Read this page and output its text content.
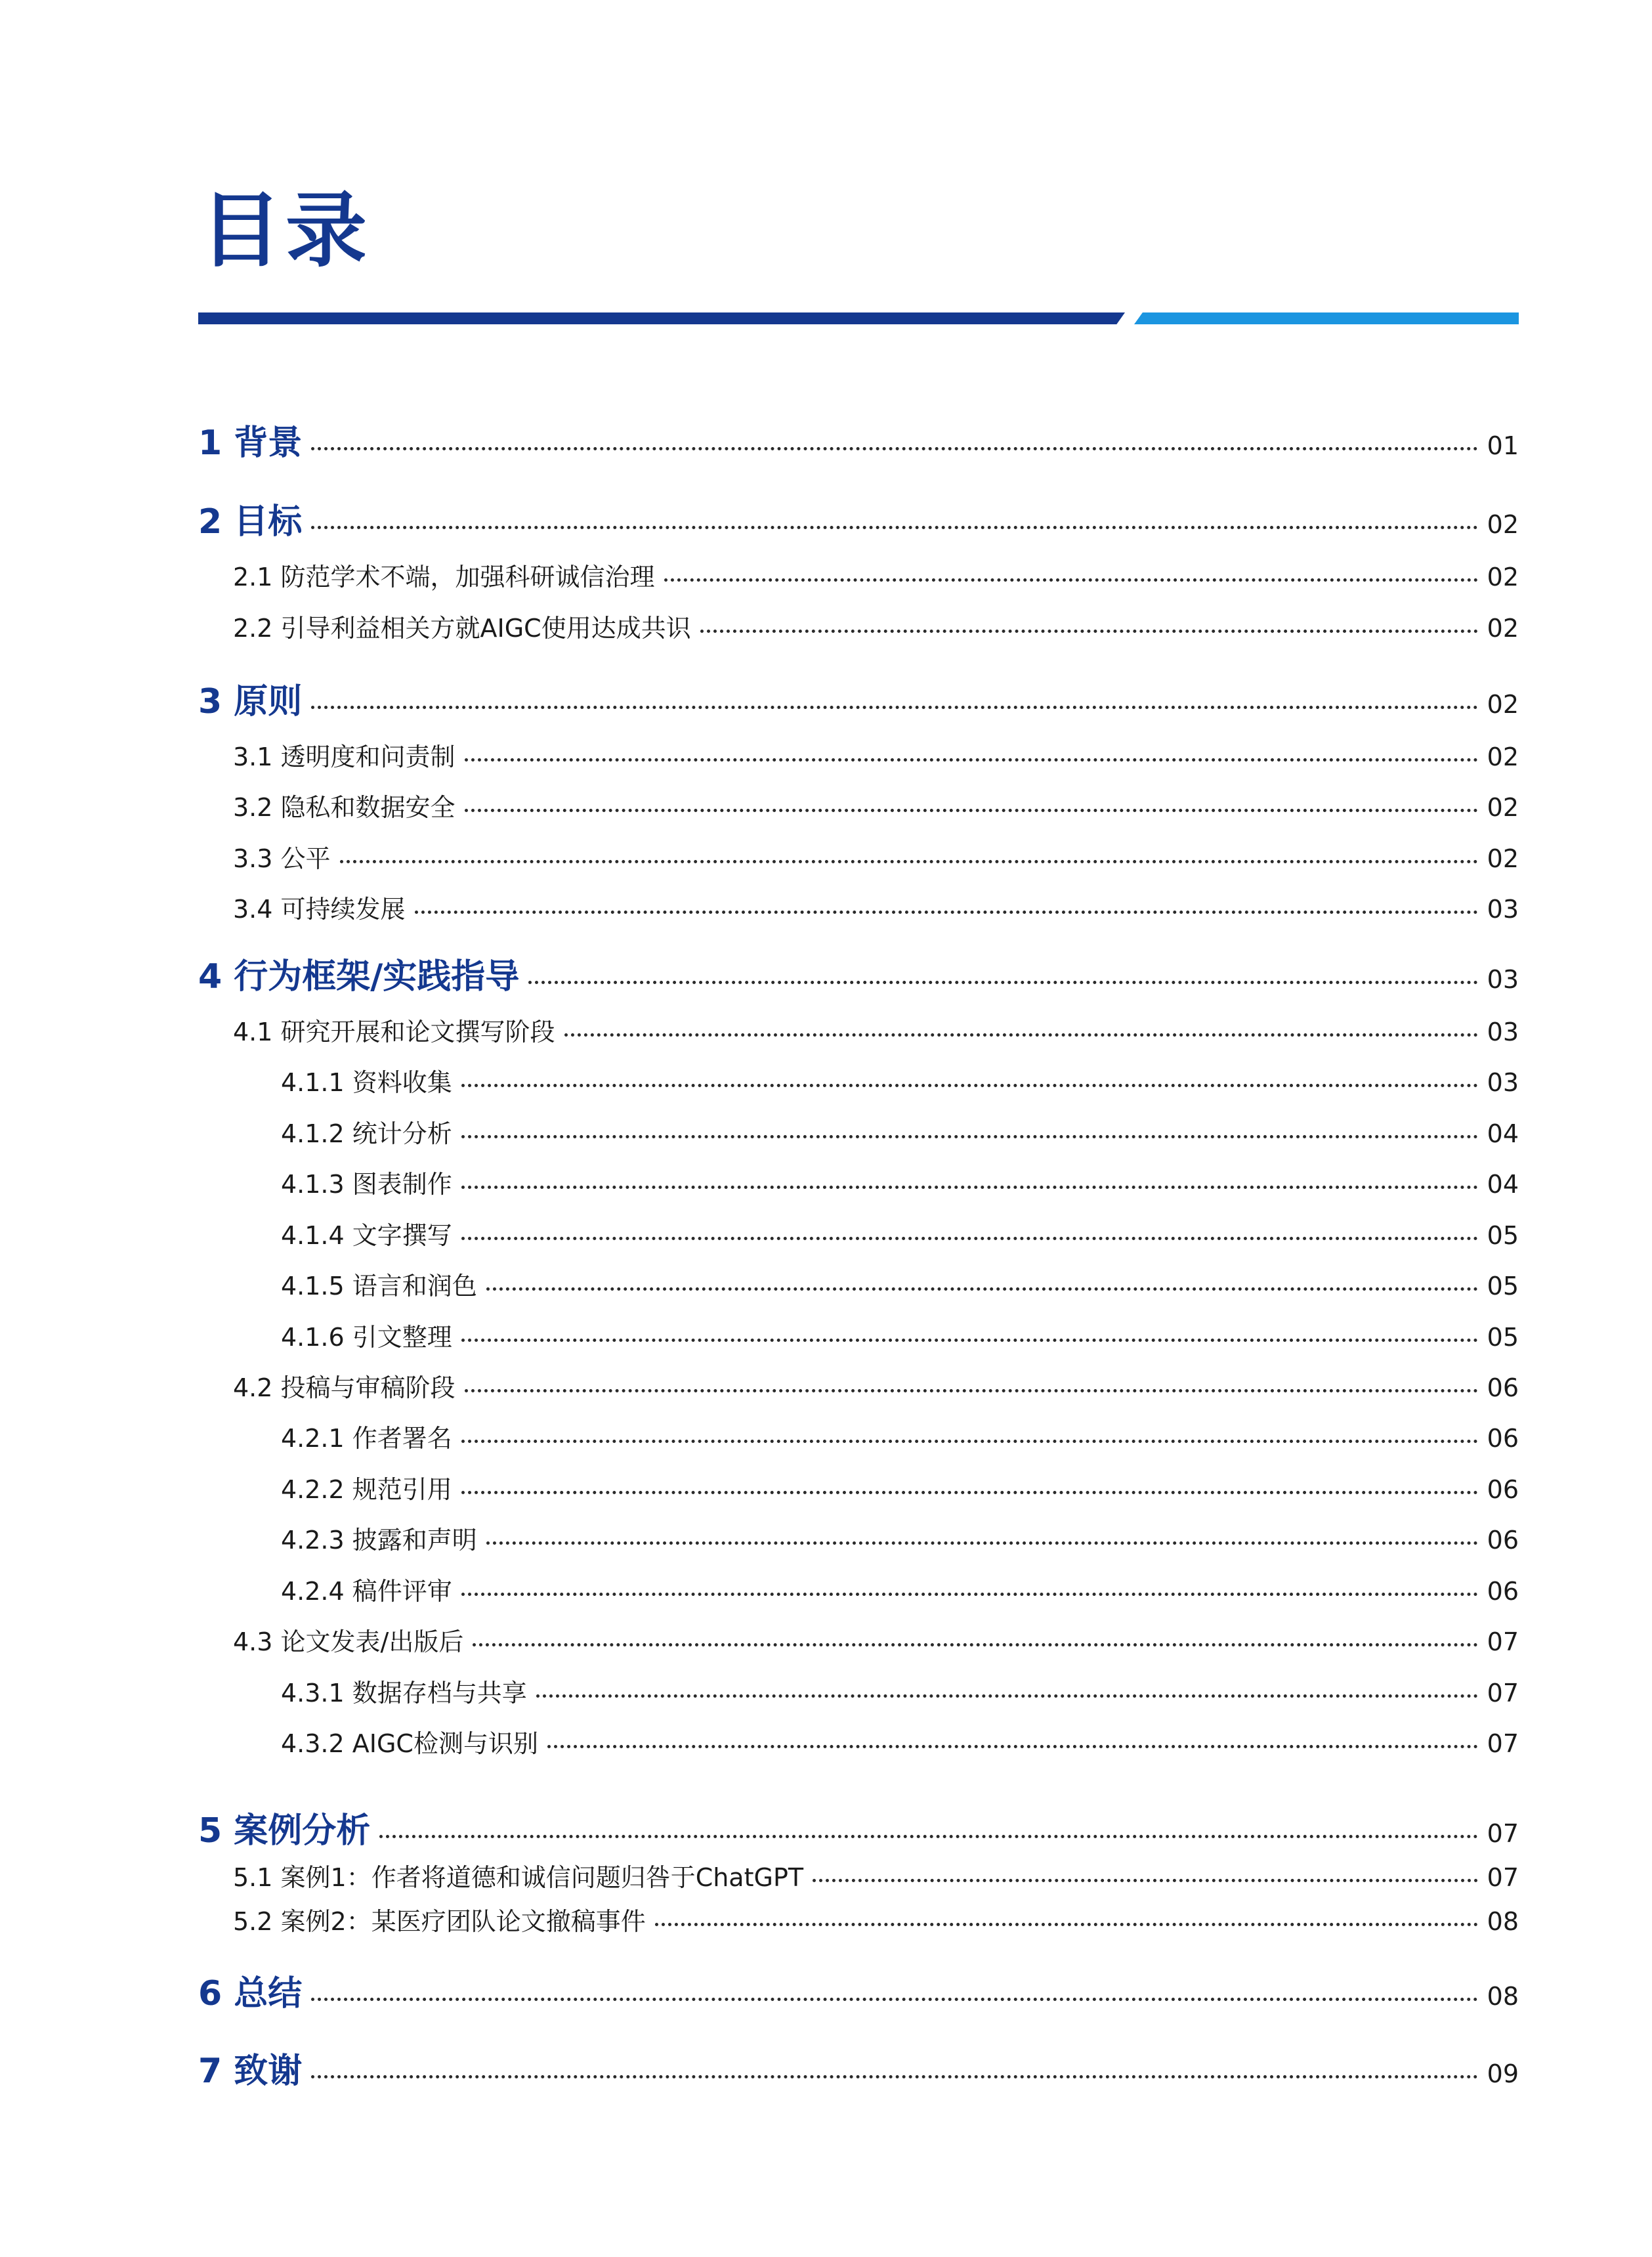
目录
1 背景	01
2 目标	02
2.1 防范学术不端，加强科研诚信治理	02
2.2 引导利益相关方就AIGC使用达成共识	02
3 原则	02
3.1 透明度和问责制	02
3.2 隐私和数据安全	02
3.3 公平	02
3.4 可持续发展	03
4 行为框架/实践指导	03
4.1 研究开展和论文撰写阶段	03
4.1.1 资料收集	03
4.1.2 统计分析	04
4.1.3 图表制作	04
4.1.4 文字撰写	05
4.1.5 语言和润色	05
4.1.6 引文整理	05
4.2 投稿与审稿阶段	06
4.2.1 作者署名	06
4.2.2 规范引用	06
4.2.3 披露和声明	06
4.2.4 稿件评审	06
4.3 论文发表/出版后	07
4.3.1 数据存档与共享	07
4.3.2 AIGC检测与识别	07
5 案例分析	07
5.1 案例1：作者将道德和诚信问题归咎于ChatGPT	07
5.2 案例2：某医疗团队论文撤稿事件	08
6 总结	08
7 致谢	09
